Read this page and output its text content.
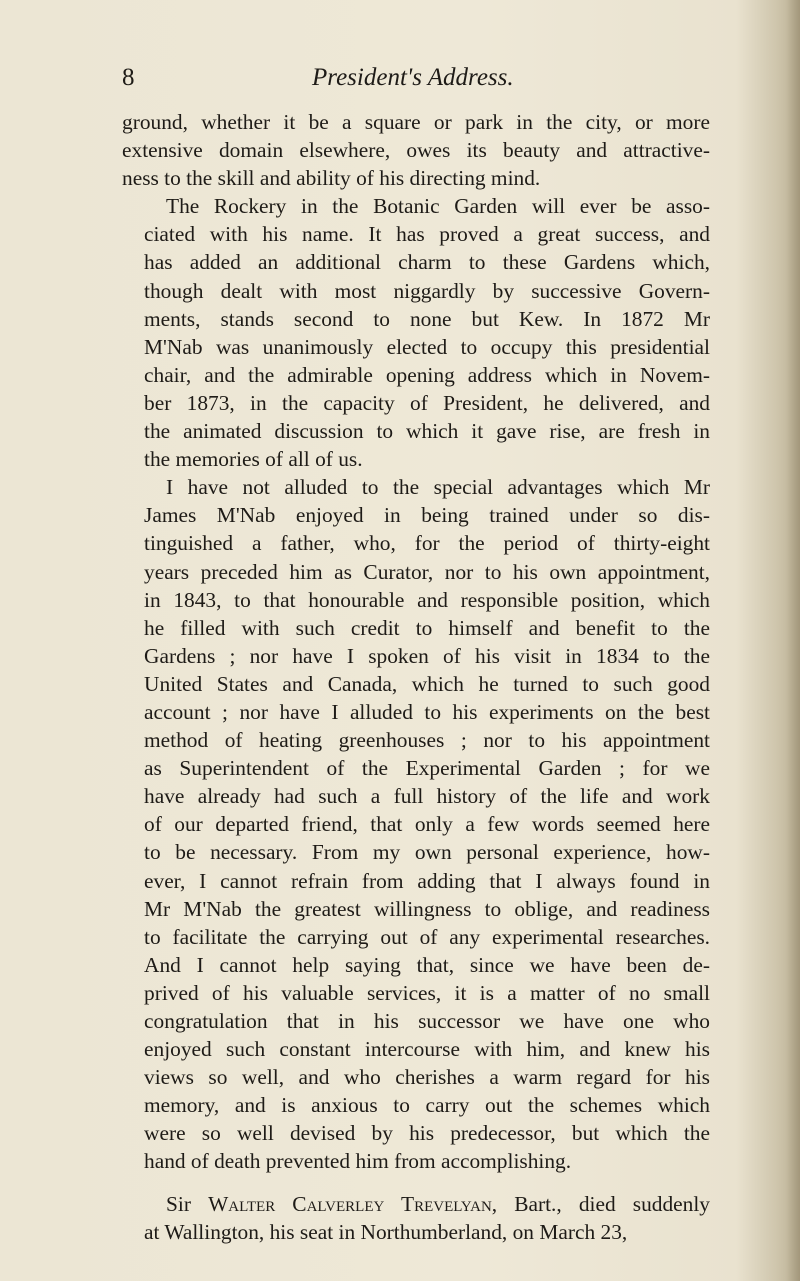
8	President's Address.

ground, whether it be a square or park in the city, or more
extensive domain elsewhere, owes its beauty and attractive-
ness to the skill and ability of his directing mind.

The Rockery in the Botanic Garden will ever be asso-
ciated with his name. It has proved a great success, and
has added an additional charm to these Gardens which,
though dealt with most niggardly by successive Govern-
ments, stands second to none but Kew. In 1872 Mr
M'Nab was unanimously elected to occupy this presidential
chair, and the admirable opening address which in Novem-
ber 1873, in the capacity of President, he delivered, and
the animated discussion to which it gave rise, are fresh in
the memories of all of us.

I have not alluded to the special advantages which Mr
James M'Nab enjoyed in being trained under so dis-
tinguished a father, who, for the period of thirty-eight
years preceded him as Curator, nor to his own appointment,
in 1843, to that honourable and responsible position, which
he filled with such credit to himself and benefit to the
Gardens ; nor have I spoken of his visit in 1834 to the
United States and Canada, which he turned to such good
account ; nor have I alluded to his experiments on the best
method of heating greenhouses ; nor to his appointment
as Superintendent of the Experimental Garden ; for we
have already had such a full history of the life and work
of our departed friend, that only a few words seemed here
to be necessary. From my own personal experience, how-
ever, I cannot refrain from adding that I always found in
Mr M'Nab the greatest willingness to oblige, and readiness
to facilitate the carrying out of any experimental researches.
And I cannot help saying that, since we have been de-
prived of his valuable services, it is a matter of no small
congratulation that in his successor we have one who
enjoyed such constant intercourse with him, and knew his
views so well, and who cherishes a warm regard for his
memory, and is anxious to carry out the schemes which
were so well devised by his predecessor, but which the
hand of death prevented him from accomplishing.

Sir Walter Calverley Trevelyan, Bart., died suddenly
at Wallington, his seat in Northumberland, on March 23,
